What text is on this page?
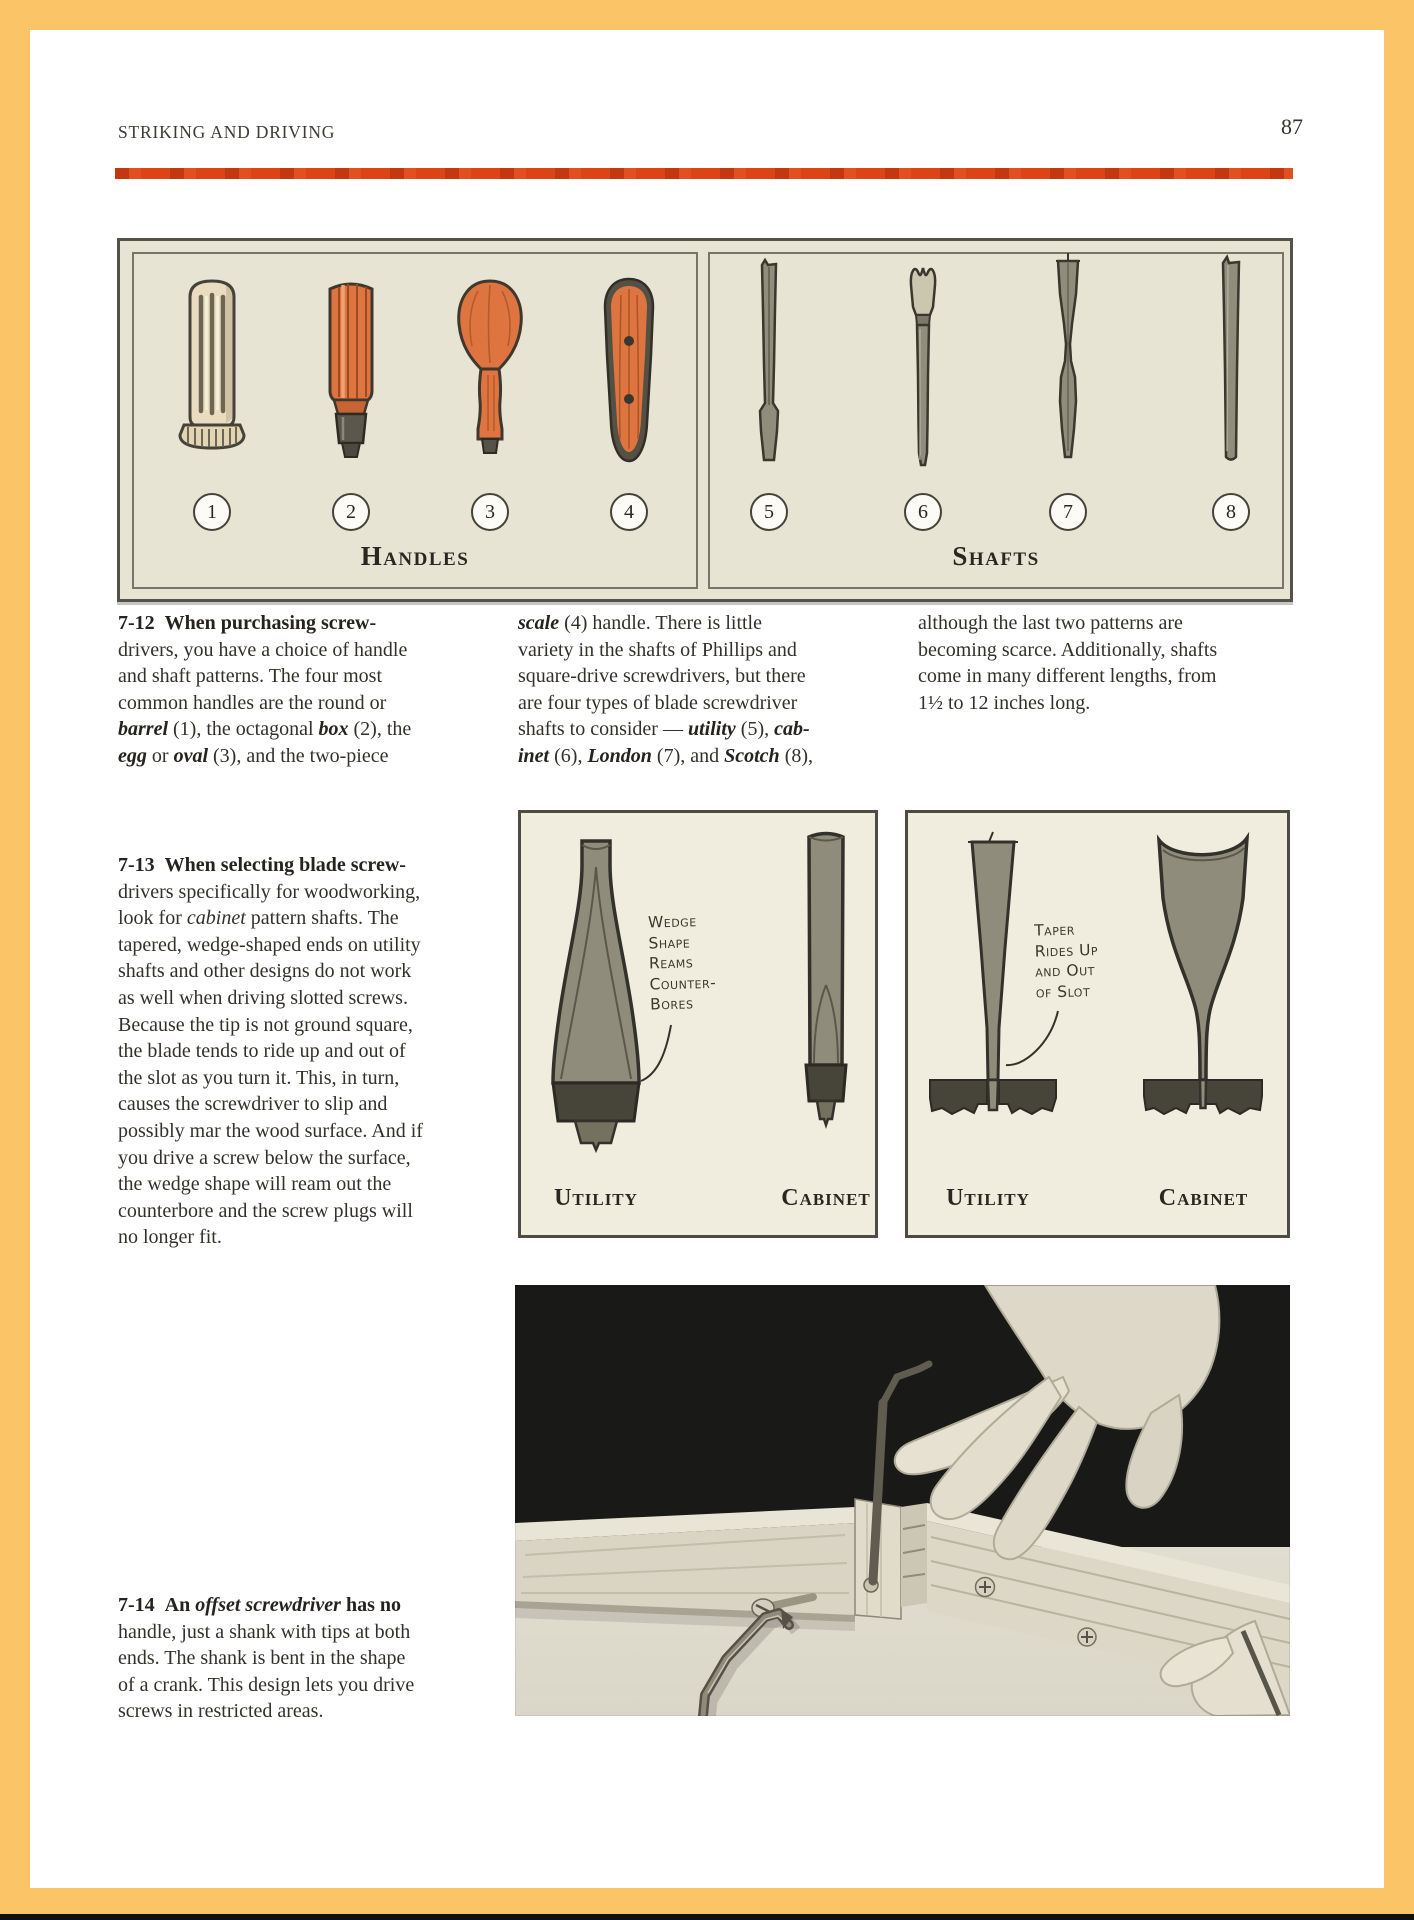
STRIKING AND DRIVING	87
1	2	3	4	5	6	7	8
Handles	Shafts
7-12  When purchasing screw-
drivers, you have a choice of handle
and shaft patterns. The four most
common handles are the round or
barrel (1), the octagonal box (2), the
egg or oval (3), and the two-piece
scale (4) handle. There is little
variety in the shafts of Phillips and
square-drive screwdrivers, but there
are four types of blade screwdriver
shafts to consider — utility (5), cab-
inet (6), London (7), and Scotch (8),
although the last two patterns are
becoming scarce. Additionally, shafts
come in many different lengths, from
1½ to 12 inches long.
7-13  When selecting blade screw-
drivers specifically for woodworking,
look for cabinet pattern shafts. The
tapered, wedge-shaped ends on utility
shafts and other designs do not work
as well when driving slotted screws.
Because the tip is not ground square,
the blade tends to ride up and out of
the slot as you turn it. This, in turn,
causes the screwdriver to slip and
possibly mar the wood surface. And if
you drive a screw below the surface,
the wedge shape will ream out the
counterbore and the screw plugs will
no longer fit.
Wedge
Shape
Reams
Counter-
Bores
Utility	Cabinet
Taper
Rides Up
and Out
of Slot
Utility	Cabinet
7-14  An offset screwdriver has no
handle, just a shank with tips at both
ends. The shank is bent in the shape
of a crank. This design lets you drive
screws in restricted areas.
